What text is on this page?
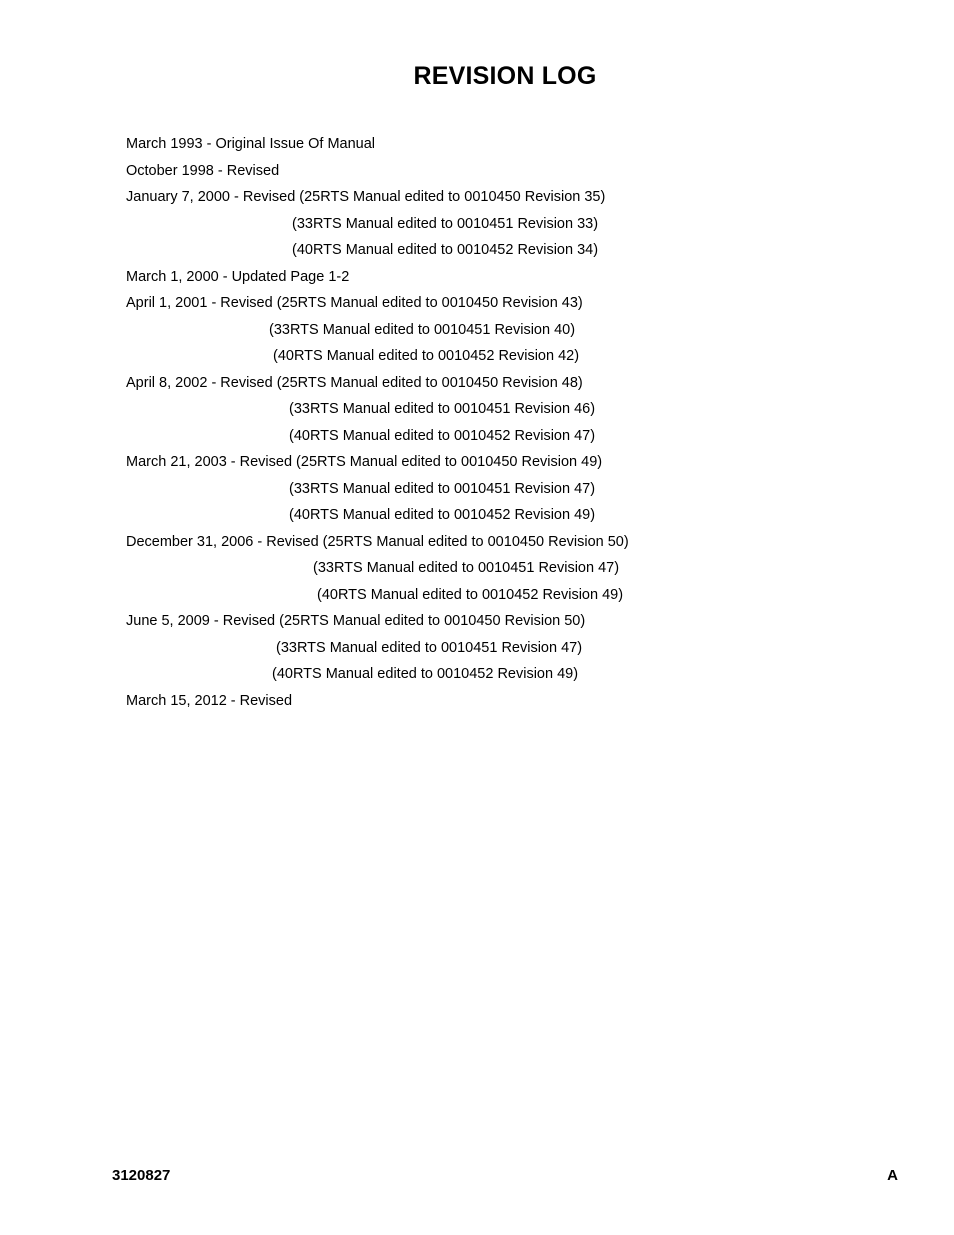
REVISION LOG
March 1993 - Original Issue Of Manual
October 1998 - Revised
January 7, 2000 - Revised (25RTS Manual edited to 0010450 Revision 35)
(33RTS Manual edited to 0010451 Revision 33)
(40RTS Manual edited to 0010452 Revision 34)
March 1, 2000 - Updated Page 1-2
April 1, 2001 - Revised (25RTS Manual edited to 0010450 Revision 43)
(33RTS Manual edited to 0010451 Revision 40)
(40RTS Manual edited to 0010452 Revision 42)
April 8, 2002 - Revised (25RTS Manual edited to 0010450 Revision 48)
(33RTS Manual edited to 0010451 Revision 46)
(40RTS Manual edited to 0010452 Revision 47)
March 21, 2003 - Revised (25RTS Manual edited to 0010450 Revision 49)
(33RTS Manual edited to 0010451 Revision 47)
(40RTS Manual edited to 0010452 Revision 49)
December 31, 2006 - Revised (25RTS Manual edited to 0010450 Revision 50)
(33RTS Manual edited to 0010451 Revision 47)
(40RTS Manual edited to 0010452 Revision 49)
June 5, 2009 - Revised (25RTS Manual edited to 0010450 Revision 50)
(33RTS Manual edited to 0010451 Revision 47)
(40RTS Manual edited to 0010452 Revision 49)
March 15, 2012 - Revised
3120827	A
